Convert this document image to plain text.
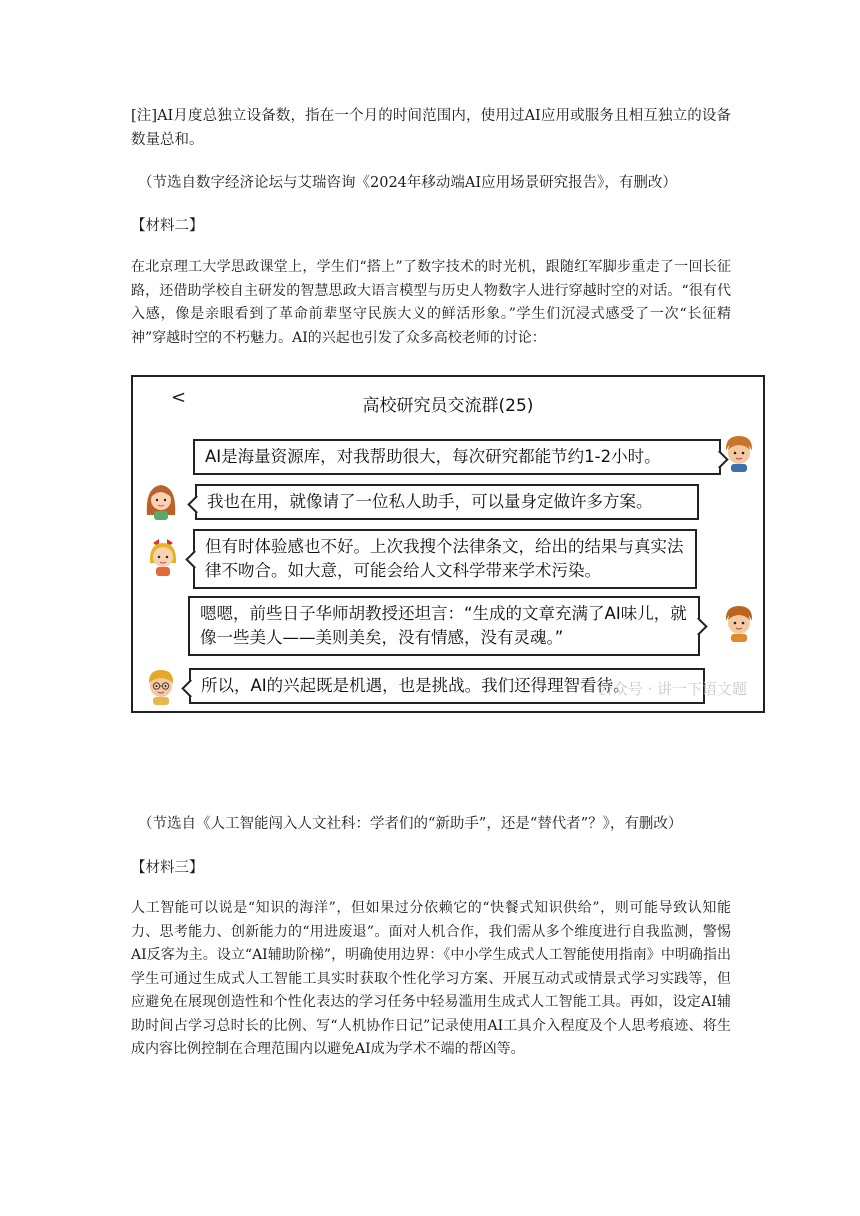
[注]AI月度总独立设备数，指在一个月的时间范围内，使用过AI应用或服务且相互独立的设备数量总和。

（节选自数字经济论坛与艾瑞咨询《2024年移动端AI应用场景研究报告》，有删改）

【材料二】

在北京理工大学思政课堂上，学生们“搭上”了数字技术的时光机，跟随红军脚步重走了一回长征路，还借助学校自主研发的智慧思政大语言模型与历史人物数字人进行穿越时空的对话。“很有代入感，像是亲眼看到了革命前辈坚守民族大义的鲜活形象。”学生们沉浸式感受了一次“长征精神”穿越时空的不朽魅力。AI的兴起也引发了众多高校老师的讨论：

<	高校研究员交流群(25)
AI是海量资源库，对我帮助很大，每次研究都能节约1-2小时。
我也在用，就像请了一位私人助手，可以量身定做许多方案。
但有时体验感也不好。上次我搜个法律条文，给出的结果与真实法律不吻合。如大意，可能会给人文科学带来学术污染。
嗯嗯，前些日子华师胡教授还坦言：“生成的文章充满了AI味儿，就像一些美人——美则美矣，没有情感，没有灵魂。”
所以，AI的兴起既是机遇，也是挑战。我们还得理智看待。
公众号 · 讲一下语文题

（节选自《人工智能闯入人文社科：学者们的“新助手”，还是“替代者”？》，有删改）

【材料三】

人工智能可以说是“知识的海洋”，但如果过分依赖它的“快餐式知识供给”，则可能导致认知能力、思考能力、创新能力的“用进废退”。面对人机合作，我们需从多个维度进行自我监测，警惕AI反客为主。设立“AI辅助阶梯”，明确使用边界：《中小学生成式人工智能使用指南》中明确指出学生可通过生成式人工智能工具实时获取个性化学习方案、开展互动式或情景式学习实践等，但应避免在展现创造性和个性化表达的学习任务中轻易滥用生成式人工智能工具。再如，设定AI辅助时间占学习总时长的比例、写“人机协作日记”记录使用AI工具介入程度及个人思考痕迹、将生成内容比例控制在合理范围内以避免AI成为学术不端的帮凶等。
